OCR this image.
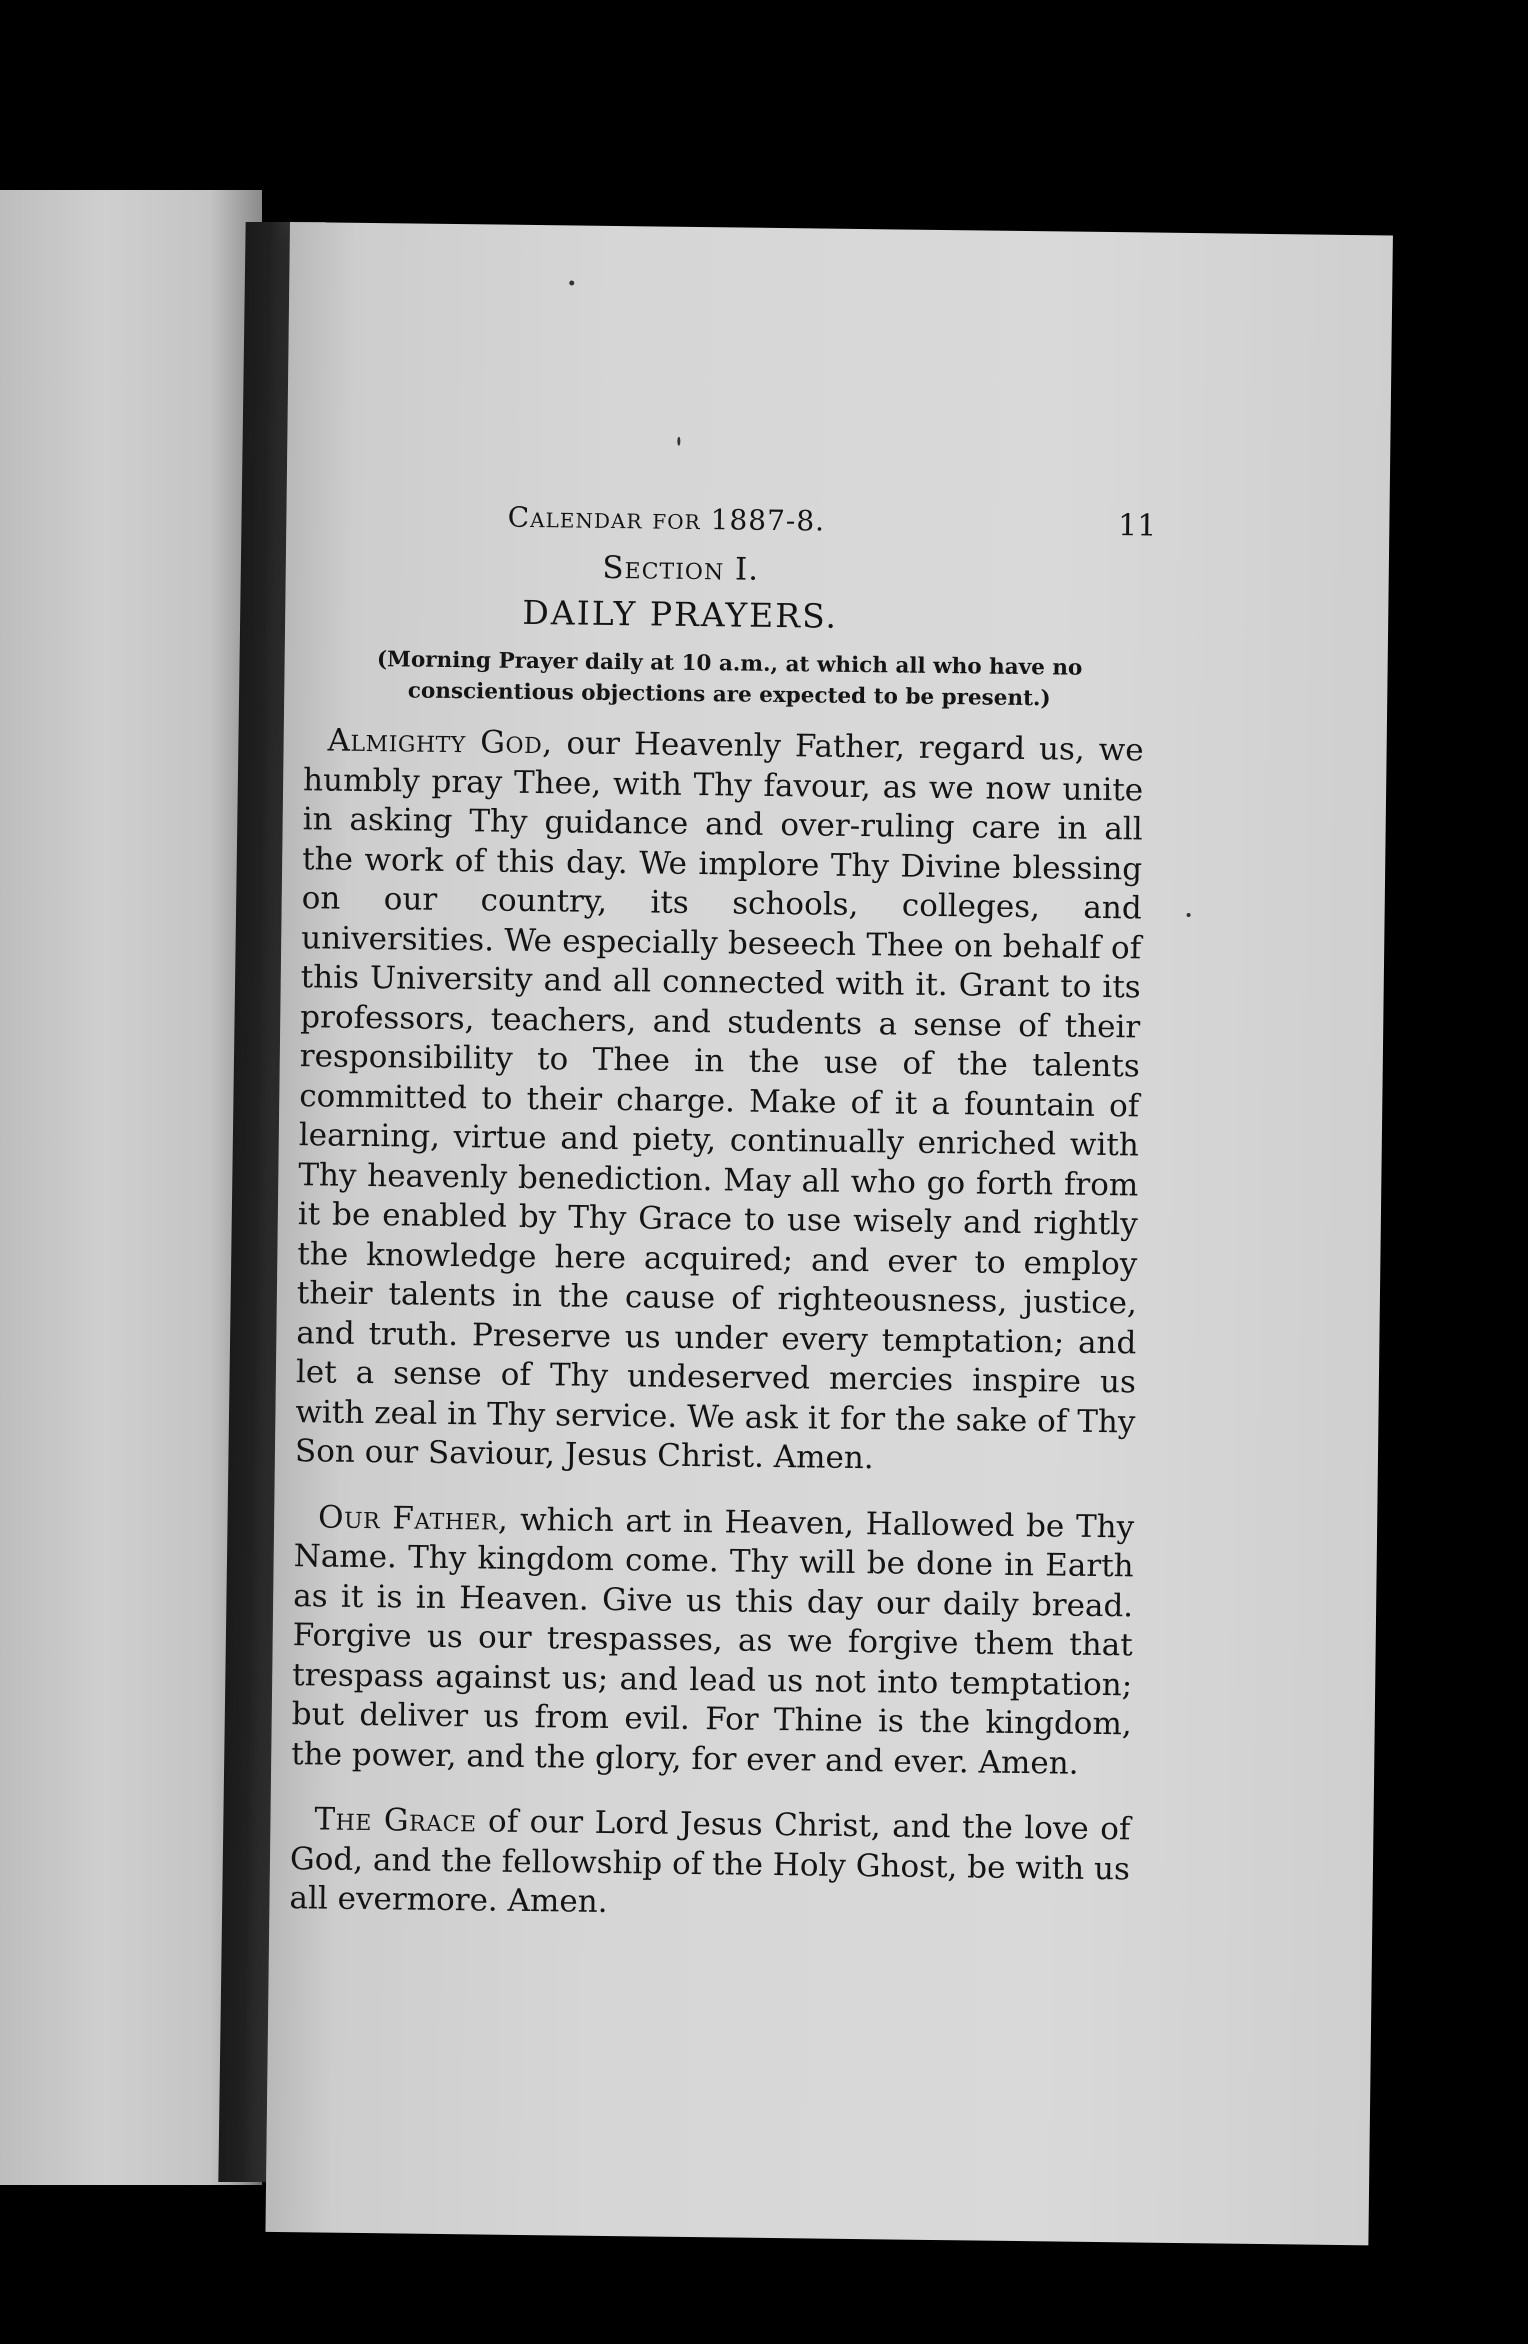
Calendar for 1887-8.	11
Section I.
DAILY PRAYERS.
(Morning Prayer daily at 10 a.m., at which all who have no conscientious objections are expected to be present.)

Almighty God, our Heavenly Father, regard us, we humbly pray Thee, with Thy favour, as we now unite in asking Thy guidance and over-ruling care in all the work of this day. We implore Thy Divine blessing on our country, its schools, colleges, and universities. We especially beseech Thee on behalf of this University and all connected with it. Grant to its professors, teachers, and students a sense of their responsibility to Thee in the use of the talents committed to their charge. Make of it a fountain of learning, virtue and piety, continually enriched with Thy heavenly benediction. May all who go forth from it be enabled by Thy Grace to use wisely and rightly the knowledge here acquired; and ever to employ their talents in the cause of righteousness, justice, and truth. Preserve us under every temptation; and let a sense of Thy undeserved mercies inspire us with zeal in Thy service. We ask it for the sake of Thy Son our Saviour, Jesus Christ. Amen.

Our Father, which art in Heaven, Hallowed be Thy Name. Thy kingdom come. Thy will be done in Earth as it is in Heaven. Give us this day our daily bread. Forgive us our trespasses, as we forgive them that trespass against us; and lead us not into temptation; but deliver us from evil. For Thine is the kingdom, the power, and the glory, for ever and ever. Amen.

The Grace of our Lord Jesus Christ, and the love of God, and the fellowship of the Holy Ghost, be with us all evermore. Amen.
